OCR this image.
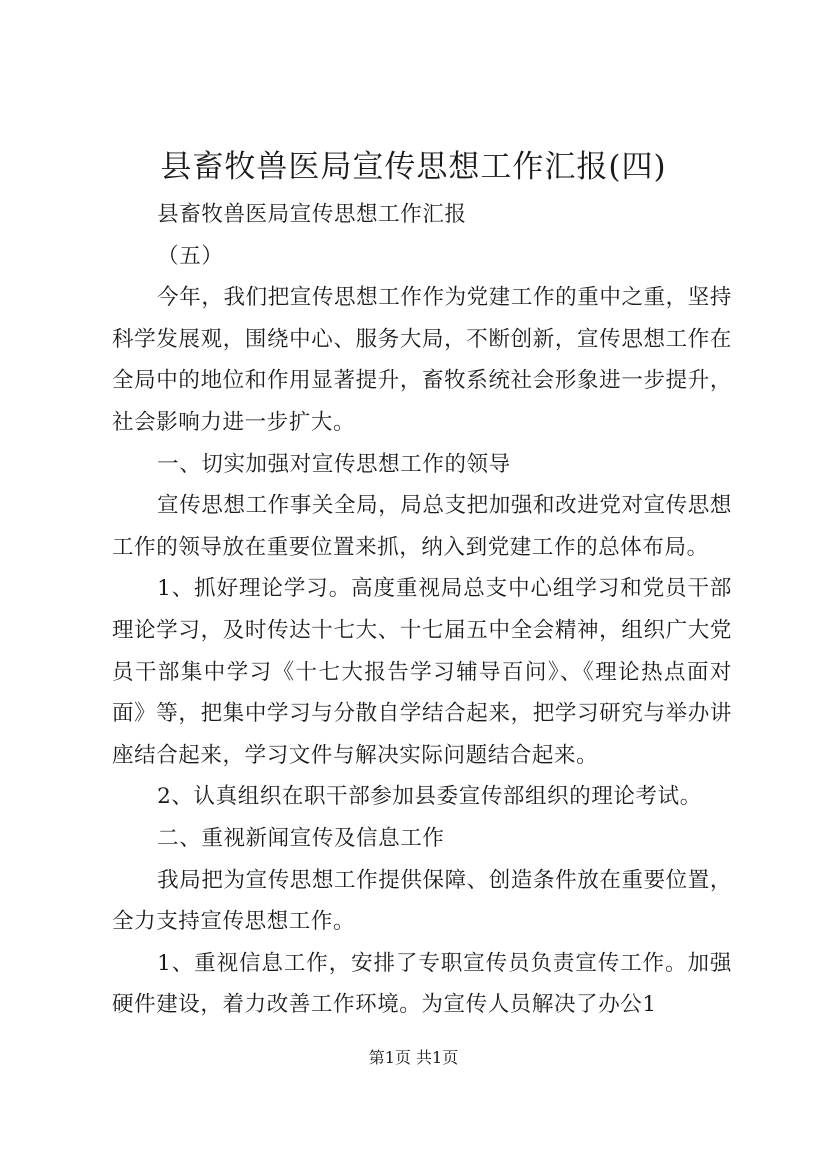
县畜牧兽医局宣传思想工作汇报(四)

县畜牧兽医局宣传思想工作汇报

（五）

今年，我们把宣传思想工作作为党建工作的重中之重，坚持科学发展观，围绕中心、服务大局，不断创新，宣传思想工作在全局中的地位和作用显著提升，畜牧系统社会形象进一步提升，社会影响力进一步扩大。

一、切实加强对宣传思想工作的领导

宣传思想工作事关全局，局总支把加强和改进党对宣传思想工作的领导放在重要位置来抓，纳入到党建工作的总体布局。

1、抓好理论学习。高度重视局总支中心组学习和党员干部理论学习，及时传达十七大、十七届五中全会精神，组织广大党员干部集中学习《十七大报告学习辅导百问》、《理论热点面对面》等，把集中学习与分散自学结合起来，把学习研究与举办讲座结合起来，学习文件与解决实际问题结合起来。

2、认真组织在职干部参加县委宣传部组织的理论考试。

二、重视新闻宣传及信息工作

我局把为宣传思想工作提供保障、创造条件放在重要位置，全力支持宣传思想工作。

1、重视信息工作，安排了专职宣传员负责宣传工作。加强硬件建设，着力改善工作环境。为宣传人员解决了办公1

第1页 共1页
